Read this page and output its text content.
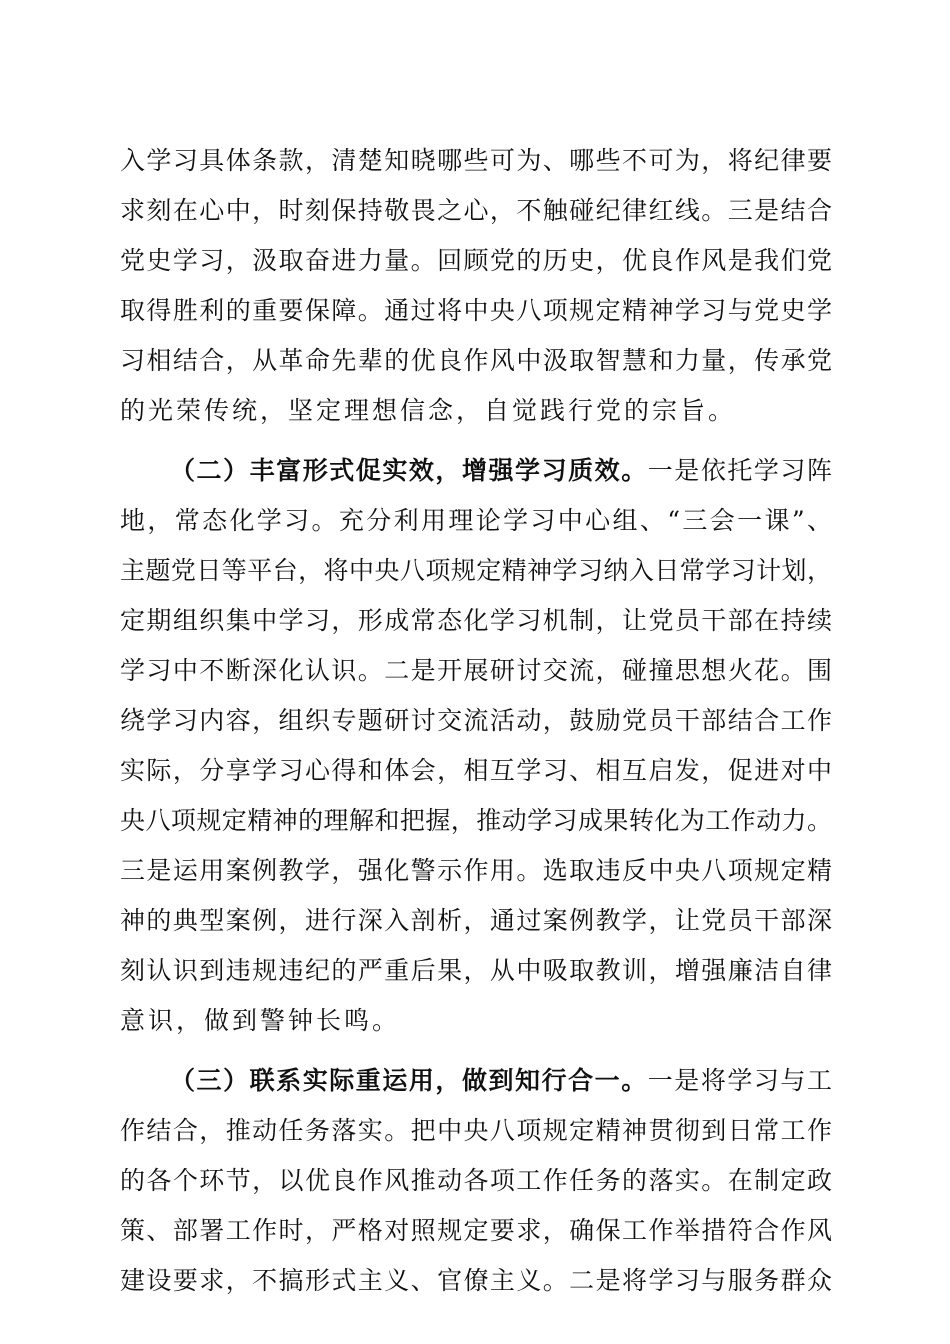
入学习具体条款，清楚知晓哪些可为、哪些不可为，将纪律要
求刻在心中，时刻保持敬畏之心，不触碰纪律红线。三是结合
党史学习，汲取奋进力量。回顾党的历史，优良作风是我们党
取得胜利的重要保障。通过将中央八项规定精神学习与党史学
习相结合，从革命先辈的优良作风中汲取智慧和力量，传承党
的光荣传统，坚定理想信念，自觉践行党的宗旨。
（二）丰富形式促实效，增强学习质效。一是依托学习阵
地，常态化学习。充分利用理论学习中心组、“三会一课”、
主题党日等平台，将中央八项规定精神学习纳入日常学习计划，
定期组织集中学习，形成常态化学习机制，让党员干部在持续
学习中不断深化认识。二是开展研讨交流，碰撞思想火花。围
绕学习内容，组织专题研讨交流活动，鼓励党员干部结合工作
实际，分享学习心得和体会，相互学习、相互启发，促进对中
央八项规定精神的理解和把握，推动学习成果转化为工作动力。
三是运用案例教学，强化警示作用。选取违反中央八项规定精
神的典型案例，进行深入剖析，通过案例教学，让党员干部深
刻认识到违规违纪的严重后果，从中吸取教训，增强廉洁自律
意识，做到警钟长鸣。
（三）联系实际重运用，做到知行合一。一是将学习与工
作结合，推动任务落实。把中央八项规定精神贯彻到日常工作
的各个环节，以优良作风推动各项工作任务的落实。在制定政
策、部署工作时，严格对照规定要求，确保工作举措符合作风
建设要求，不搞形式主义、官僚主义。二是将学习与服务群众
